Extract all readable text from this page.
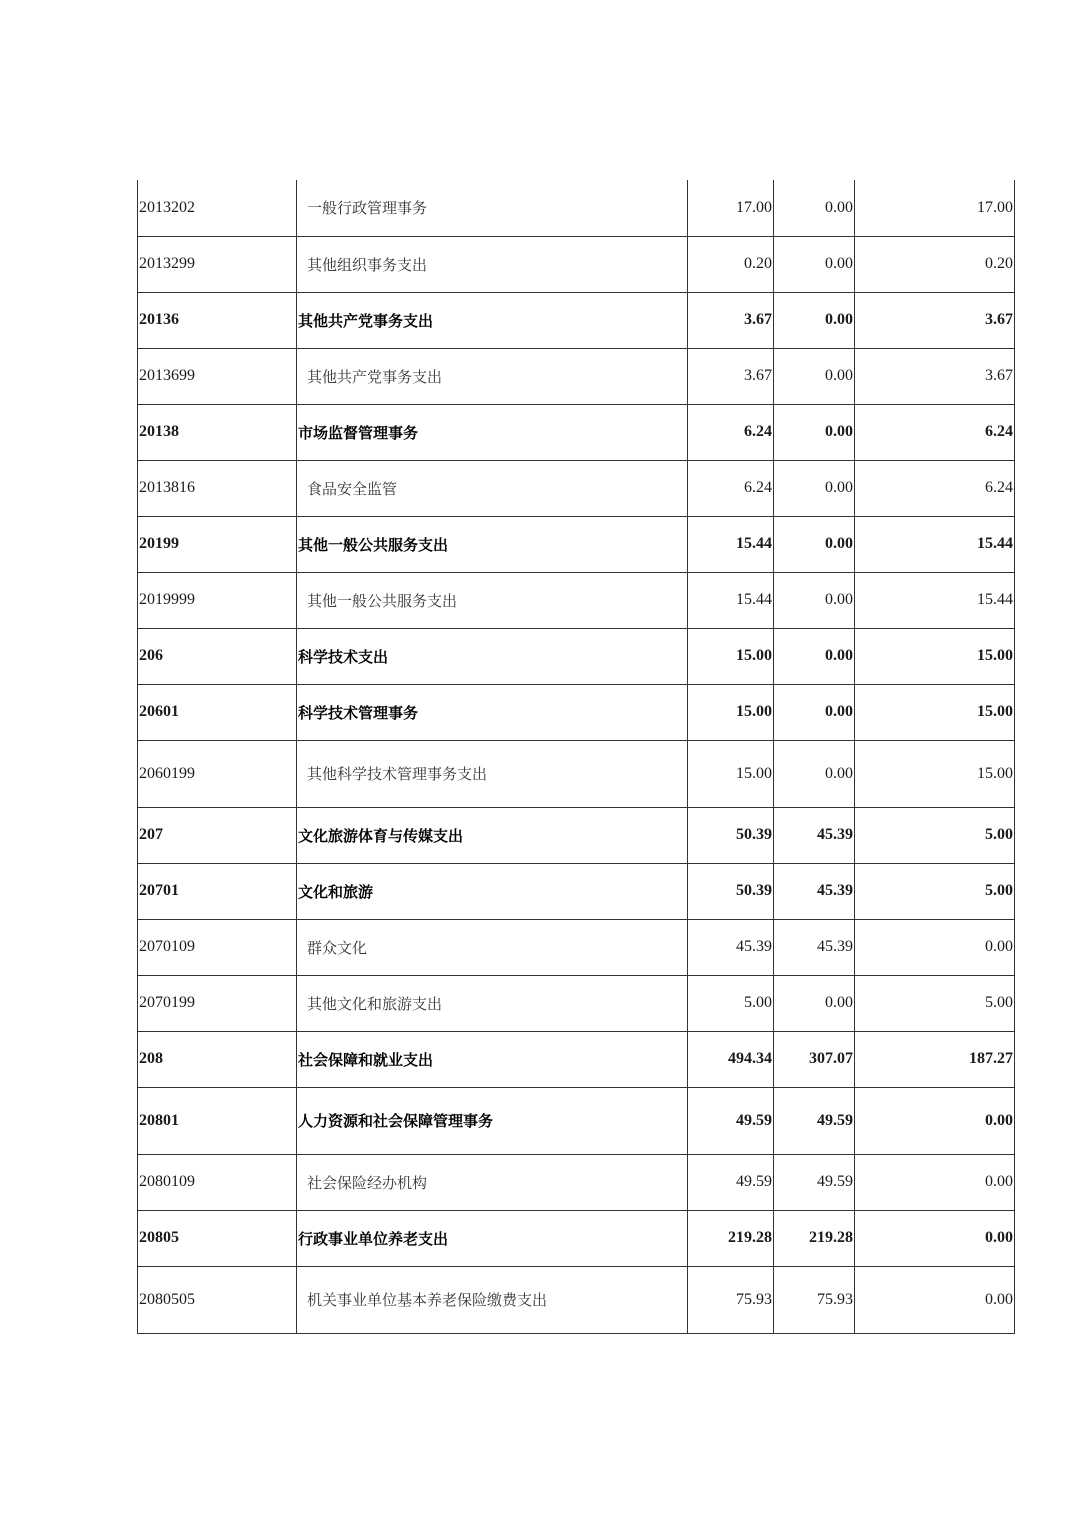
2013202	一般行政管理事务	17.00	0.00	17.00
2013299	其他组织事务支出	0.20	0.00	0.20
20136	其他共产党事务支出	3.67	0.00	3.67
2013699	其他共产党事务支出	3.67	0.00	3.67
20138	市场监督管理事务	6.24	0.00	6.24
2013816	食品安全监管	6.24	0.00	6.24
20199	其他一般公共服务支出	15.44	0.00	15.44
2019999	其他一般公共服务支出	15.44	0.00	15.44
206	科学技术支出	15.00	0.00	15.00
20601	科学技术管理事务	15.00	0.00	15.00
2060199	其他科学技术管理事务支出	15.00	0.00	15.00
207	文化旅游体育与传媒支出	50.39	45.39	5.00
20701	文化和旅游	50.39	45.39	5.00
2070109	群众文化	45.39	45.39	0.00
2070199	其他文化和旅游支出	5.00	0.00	5.00
208	社会保障和就业支出	494.34	307.07	187.27
20801	人力资源和社会保障管理事务	49.59	49.59	0.00
2080109	社会保险经办机构	49.59	49.59	0.00
20805	行政事业单位养老支出	219.28	219.28	0.00
2080505	机关事业单位基本养老保险缴费支出	75.93	75.93	0.00
